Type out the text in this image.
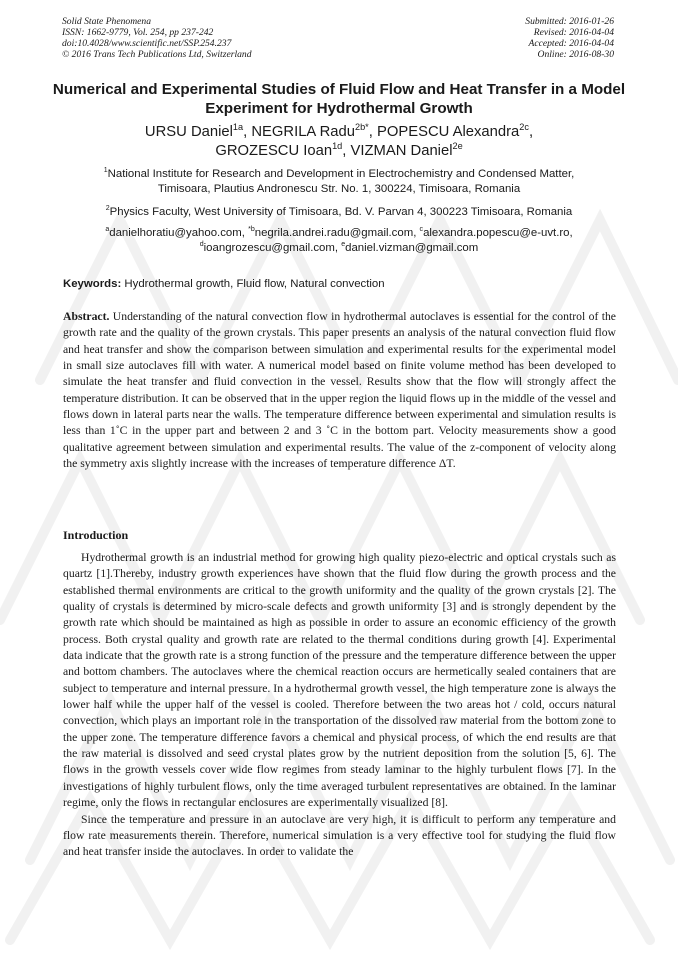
Solid State Phenomena
ISSN: 1662-9779, Vol. 254, pp 237-242
doi:10.4028/www.scientific.net/SSP.254.237
© 2016 Trans Tech Publications Ltd, Switzerland
Submitted: 2016-01-26
Revised: 2016-04-04
Accepted: 2016-04-04
Online: 2016-08-30
Numerical and Experimental Studies of Fluid Flow and Heat Transfer in a Model Experiment for Hydrothermal Growth
URSU Daniel$^{1a}$, NEGRILA Radu$^{2b*}$, POPESCU Alexandra$^{2c}$,
GROZESCU Ioan$^{1d}$, VIZMAN Daniel$^{2e}$
$^1$National Institute for Research and Development in Electrochemistry and Condensed Matter,
Timisoara, Plautius Andronescu Str. No. 1, 300224, Timisoara, Romania
$^2$Physics Faculty, West University of Timisoara, Bd. V. Parvan 4, 300223 Timisoara, Romania
$^a$danielhoratiu@yahoo.com, $^{*b}$negrila.andrei.radu@gmail.com, $^c$alexandra.popescu@e-uvt.ro,
$^d$ioangrozescu@gmail.com, $^e$daniel.vizman@gmail.com
Keywords: Hydrothermal growth, Fluid flow, Natural convection
Abstract. Understanding of the natural convection flow in hydrothermal autoclaves is essential for the control of the growth rate and the quality of the grown crystals. This paper presents an analysis of the natural convection fluid flow and heat transfer and show the comparison between simulation and experimental results for the experimental model in small size autoclaves fill with water. A numerical model based on finite volume method has been developed to simulate the heat transfer and fluid convection in the vessel. Results show that the flow will strongly affect the temperature distribution. It can be observed that in the upper region the liquid flows up in the middle of the vessel and flows down in lateral parts near the walls. The temperature difference between experimental and simulation results is less than 1˚C in the upper part and between 2 and 3 ˚C in the bottom part. Velocity measurements show a good qualitative agreement between simulation and experimental results. The value of the z-component of velocity along the symmetry axis slightly increase with the increases of temperature difference ΔT.
Introduction

Hydrothermal growth is an industrial method for growing high quality piezo-electric and optical crystals such as quartz [1].Thereby, industry growth experiences have shown that the fluid flow during the growth process and the established thermal environments are critical to the growth uniformity and the quality of the grown crystals [2]. The quality of crystals is determined by micro-scale defects and growth uniformity [3] and is strongly dependent by the growth rate which should be maintained as high as possible in order to assure an economic efficiency of the growth process. Both crystal quality and growth rate are related to the thermal conditions during growth [4]. Experimental data indicate that the growth rate is a strong function of the pressure and the temperature difference between the upper and bottom chambers. The autoclaves where the chemical reaction occurs are hermetically sealed containers that are subject to temperature and internal pressure. In a hydrothermal growth vessel, the high temperature zone is always the lower half while the upper half of the vessel is cooled. Therefore between the two areas hot / cold, occurs natural convection, which plays an important role in the transportation of the dissolved raw material from the bottom zone to the upper zone. The temperature difference favors a chemical and physical process, of which the end results are that the raw material is dissolved and seed crystal plates grow by the nutrient deposition from the solution [5, 6]. The flows in the growth vessels cover wide flow regimes from steady laminar to the highly turbulent flows [7]. In the investigations of highly turbulent flows, only the time averaged turbulent representatives are obtained. In the laminar regime, only the flows in rectangular enclosures are experimentally visualized [8].

Since the temperature and pressure in an autoclave are very high, it is difficult to perform any temperature and flow rate measurements therein. Therefore, numerical simulation is a very effective tool for studying the fluid flow and heat transfer inside the autoclaves. In order to validate the
